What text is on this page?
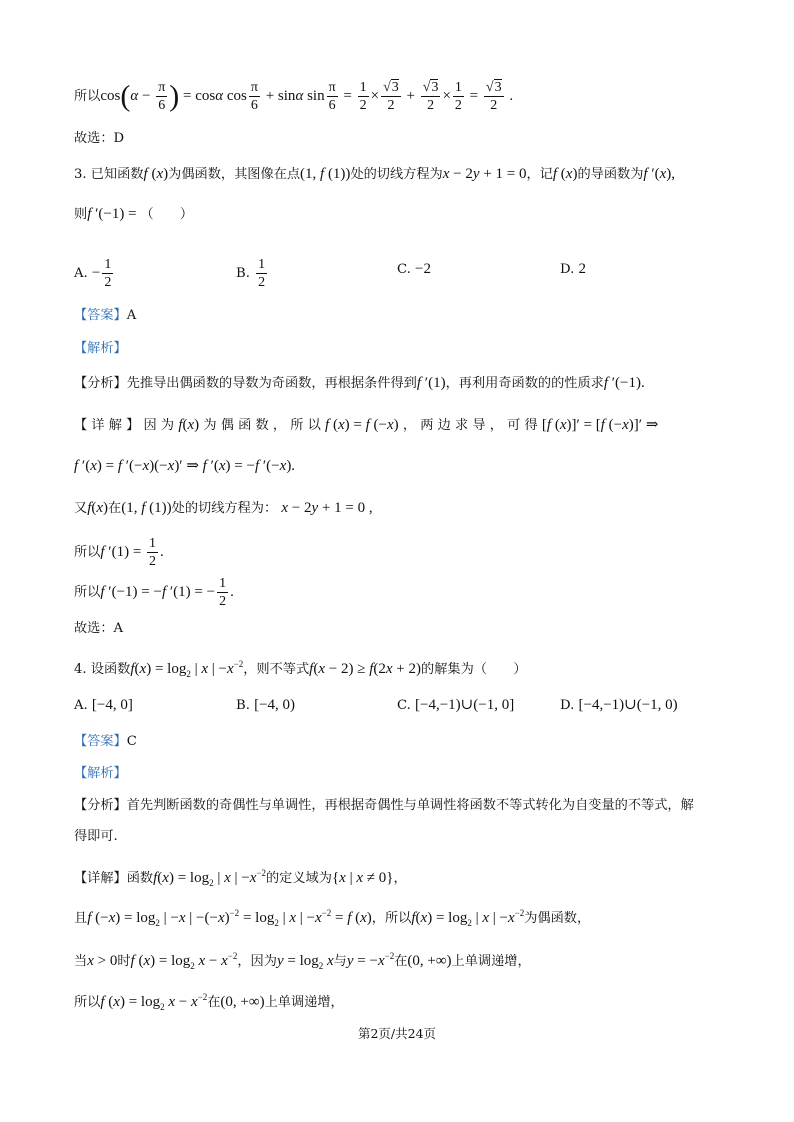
所以$\cos(\alpha - \frac{\pi}{6}$ ) = cosα $\cos \frac{\pi}{6} + \sin\alpha$ $\sin \frac{\pi}{6} = \frac{1}{2} \times \frac{√3}{2} + \frac{√3}{2} \times \frac{1}{2} = \frac{√3}{2}$ .
故选：D
3. 已知函数f (x)为偶函数，其图像在点(1, f (1))处的切线方程为x − 2y + 1 = 0，记f (x)的导函数为f ′(x),
则f ′(−1) = （　　）
A. − $\frac{1}{2}$	B. $\frac{1}{2}$	C. −2	D. 2
【答案】A
【解析】
【分析】先推导出偶函数的导数为奇函数，再根据条件得到f ′(1)，再利用奇函数的的性质求f ′(−1).
【 详 解 】 因 为 f(x) 为 偶 函 数 ， 所 以 f (x) = f (−x) ， 两 边 求 导 ， 可 得 [f (x)]′ = [f (−x)]′ ⇒
f ′(x) = f ′(−x)(−x)′ ⇒ f ′(x) = −f ′(−x).
又f(x)在(1, f (1))处的切线方程为： x − 2y + 1 = 0 ,
所以f $'(1) = \frac{1}{2}$ .
所以f ′(−1) = −f ′(1) = − $\frac{1}{2}$ .
故选：A
4. 设函数$f(x) = \log_2$ | x | $-x^{-2}$，则不等式f(x − 2) ≥ f(2x + 2)的解集为（　　）
A. [−4, 0]	B. [−4, 0)	C. [−4,−1)∪(−1, 0]	D. [−4,−1)∪(−1, 0)
【答案】C
【解析】
【分析】首先判断函数的奇偶性与单调性，再根据奇偶性与单调性将函数不等式转化为自变量的不等式，解
得即可.
【详解】函数$f(x) = \log_2$ | x | $-x^{-2}$的定义域为{x | x ≠ 0}，
且f $(-x) = \log_2$ | −x | $-(-x)^{-2} = \log_2$ | x | $-x^{-2} = f$ (x)，所以$f(x) = \log_2$ | x | $-x^{-2}$为偶函数，
当x > 0时f $(x) = \log_2 x - x^{-2}$，因为$y = \log_2 x$与$y = -x^{-2}$在(0, +∞)上单调递增，
所以f $(x) = \log_2 x - x^{-2}$在(0, +∞)上单调递增，
第2页/共24页
